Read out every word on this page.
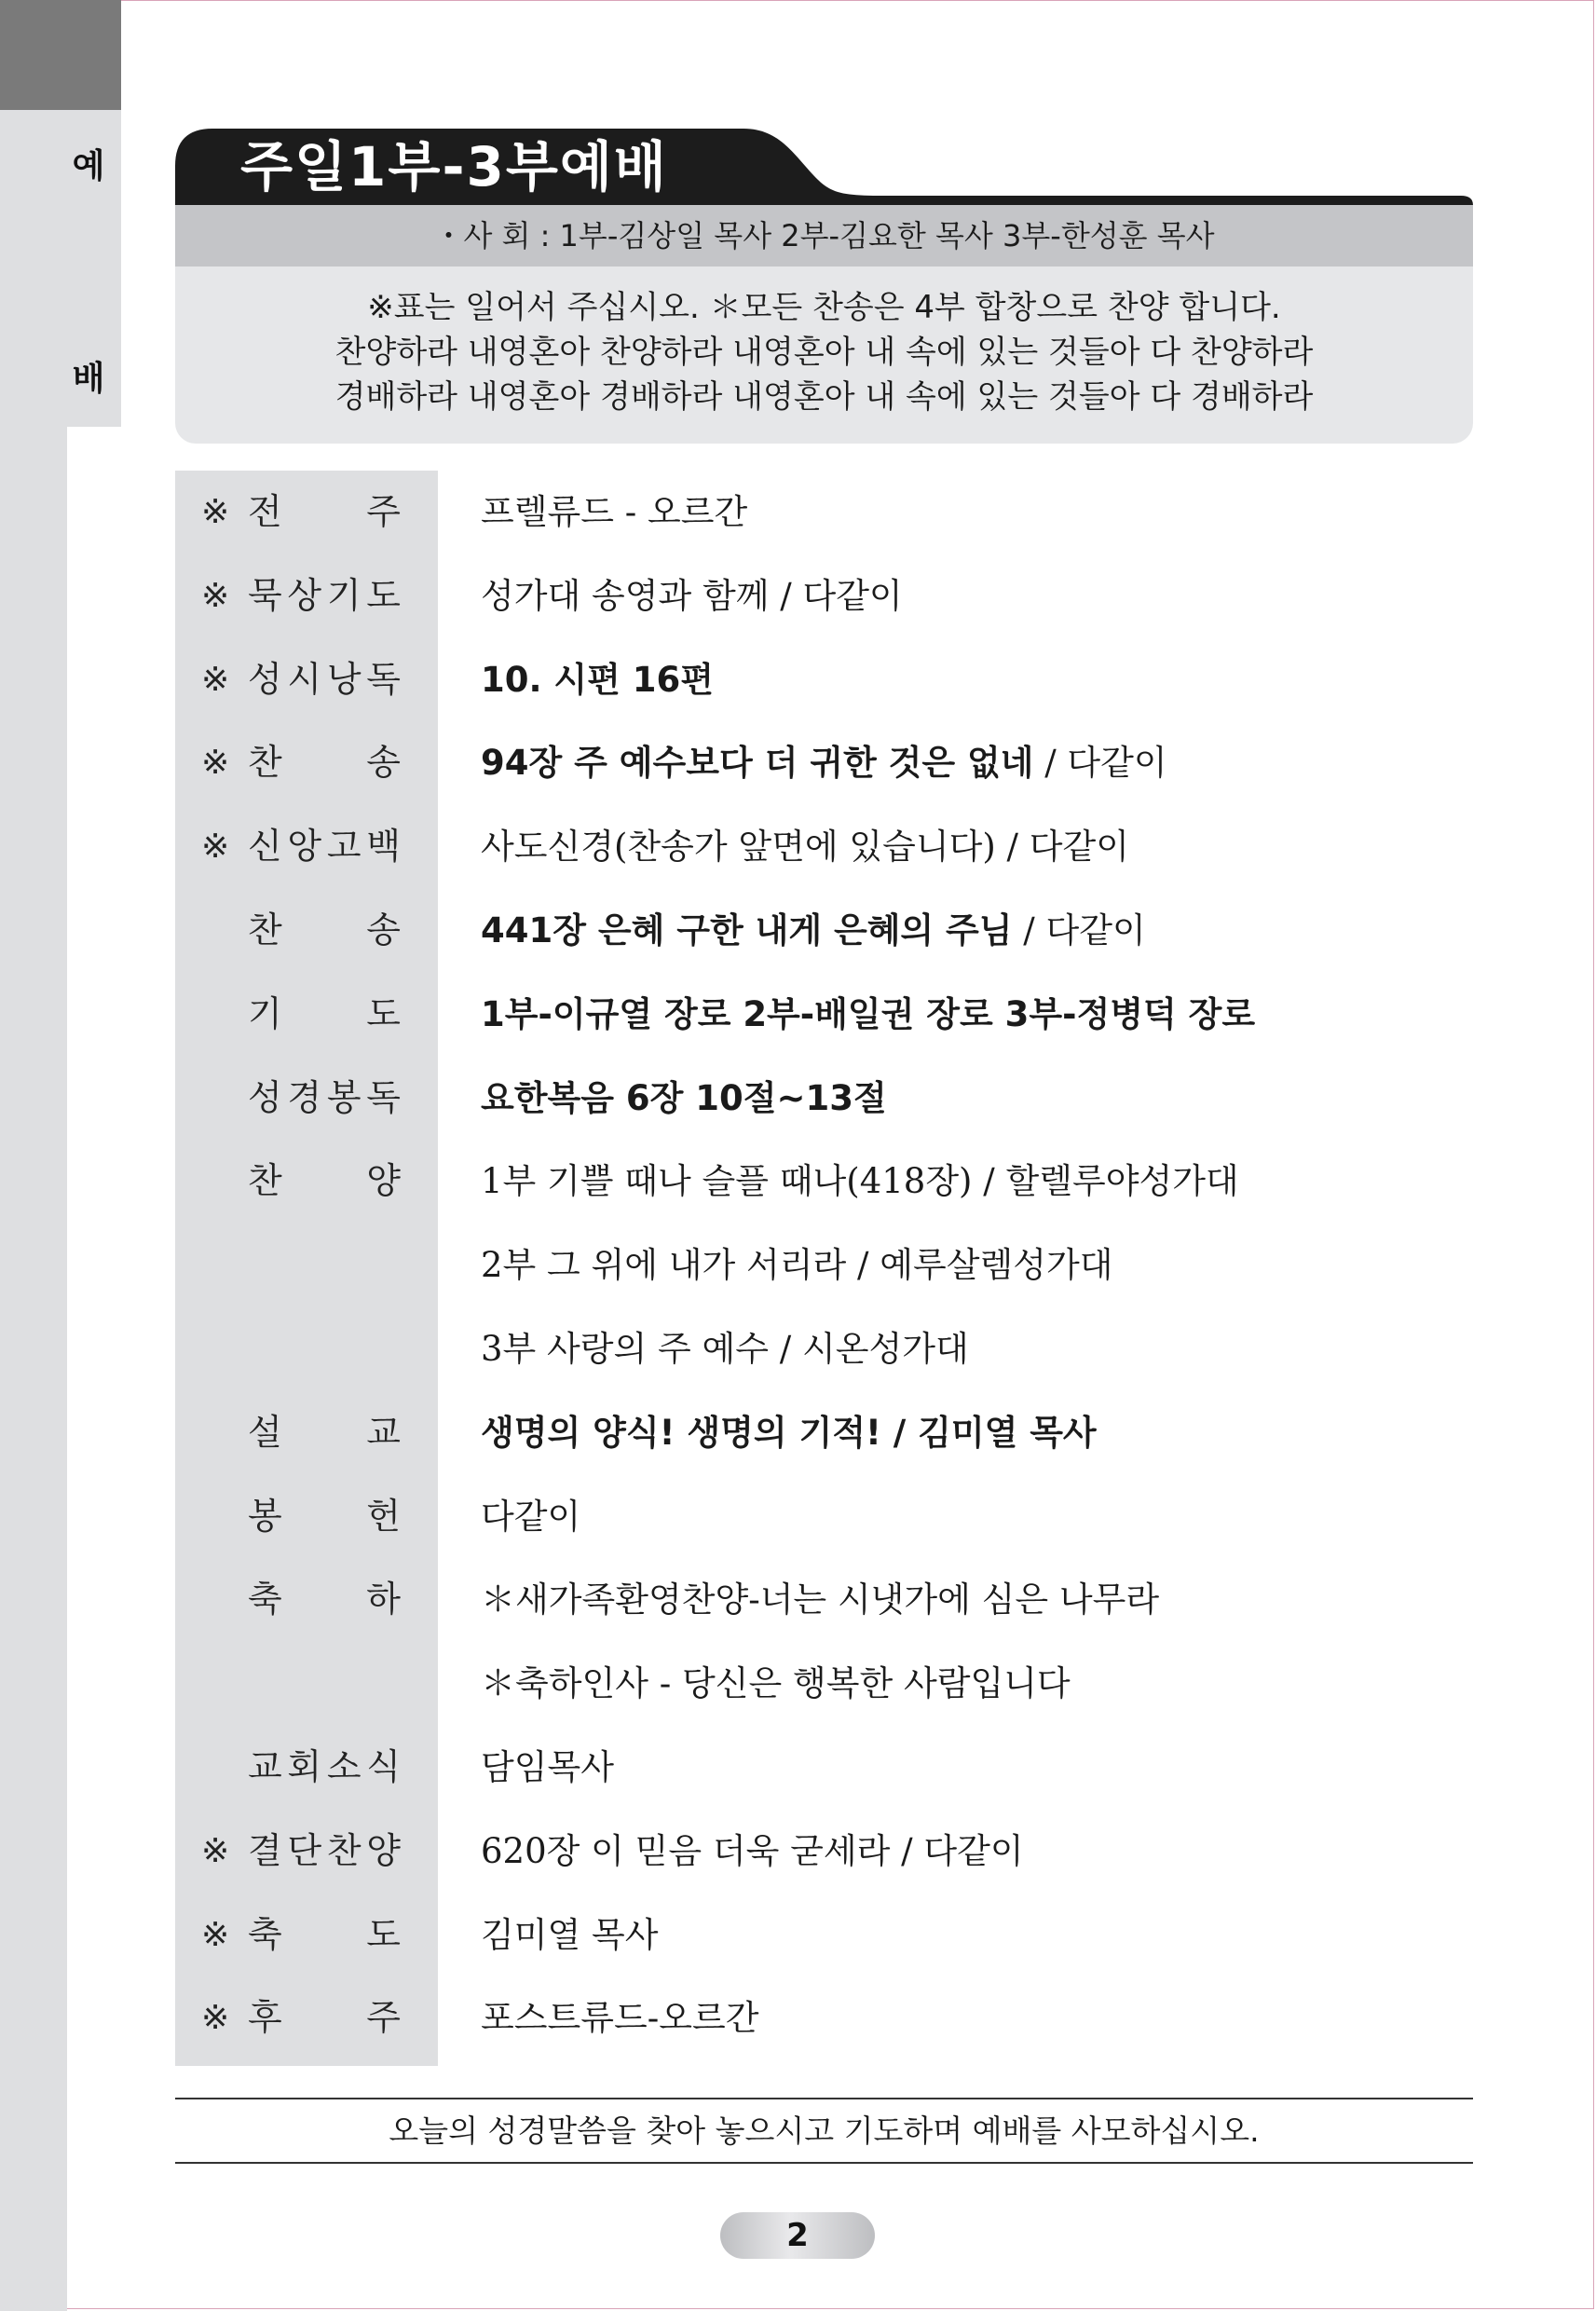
예
배
주일1부-3부예배
・사 회 : 1부-김상일 목사 2부-김요한 목사 3부-한성훈 목사
※표는 일어서 주십시오. ＊모든 찬송은 4부 합창으로 찬양 합니다.
찬양하라 내영혼아 찬양하라 내영혼아 내 속에 있는 것들아 다 찬양하라
경배하라 내영혼아 경배하라 내영혼아 내 속에 있는 것들아 다 경배하라
※ 전 주 프렐류드 - 오르간
※ 묵 상 기 도 성가대 송영과 함께 / 다같이
※ 성 시 낭 독 10. 시편 16편
※ 찬 송 94장 주 예수보다 더 귀한 것은 없네 / 다같이
※ 신 앙 고 백 사도신경(찬송가 앞면에 있습니다) / 다같이
찬 송 441장 은혜 구한 내게 은혜의 주님 / 다같이
기 도 1부-이규열 장로 2부-배일권 장로 3부-정병덕 장로
성 경 봉 독 요한복음 6장 10절~13절
찬 양 1부 기쁠 때나 슬플 때나(418장) / 할렐루야성가대
2부 그 위에 내가 서리라 / 예루살렘성가대
3부 사랑의 주 예수 / 시온성가대
설 교 생명의 양식! 생명의 기적! / 김미열 목사
봉 헌 다같이
축 하 ＊새가족환영찬양-너는 시냇가에 심은 나무라
＊축하인사 - 당신은 행복한 사람입니다
교 회 소 식 담임목사
※ 결 단 찬 양 620장 이 믿음 더욱 굳세라 / 다같이
※ 축 도 김미열 목사
※ 후 주 포스트류드-오르간
오늘의 성경말씀을 찾아 놓으시고 기도하며 예배를 사모하십시오.
2
